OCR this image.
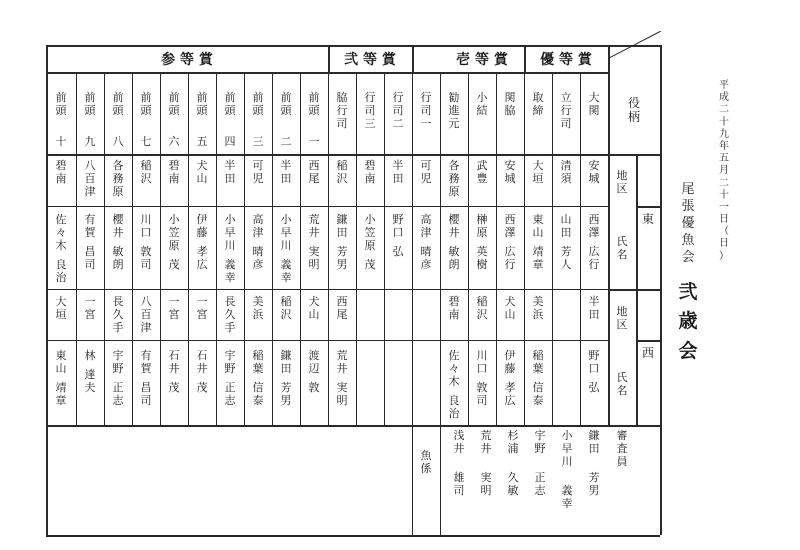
優 等 賞
壱 等 賞
弐 等 賞
参 等 賞
大
関
安
城
西
澤

広
行
半
田
野
口

弘
立
行
司
清
須
山
田

芳
人
取
締
大
垣
東
山

靖
章
美
浜
稲
葉

信
泰
関
脇
安
城
西
澤

広
行
犬
山
伊
藤

孝
広
小
結
武
豊
榊
原

英
樹
稲
沢
川
口

敦
司
勧
進
元
各
務
原
櫻
井

敏
朗
碧
南
佐
々
木

良
治
行
司
一
可
児
高
津

晴
彦
行
司
二
半
田
野
口

弘
行
司
三
碧
南
小
笠
原

茂
脇
行
司
稲
沢
鎌
田

芳
男
西
尾
荒
井

実
明
前
頭

一
西
尾
荒
井

実
明
犬
山
渡
辺

敦
前
頭

二
半
田
小
早
川

義
幸
稲
沢
鎌
田

芳
男
前
頭

三
可
児
高
津

晴
彦
美
浜
稲
葉

信
泰
前
頭

四
半
田
小
早
川

義
幸
長
久
手
宇
野

正
志
前
頭

五
犬
山
伊
藤

孝
広
一
宮
石
井

茂
前
頭

六
碧
南
小
笠
原

茂
一
宮
石
井

茂
前
頭

七
稲
沢
川
口

敦
司
八
百
津
有
賀

昌
司
前
頭

八
各
務
原
櫻
井

敏
朗
長
久
手
宇
野

正
志
前
頭

九
八
百
津
有
賀

昌
司
一
宮
林

達
夫
前
頭

十
碧
南
佐
々
木

良
治
大
垣
東
山

靖
章
役
柄
地
区
氏
名
地
区
氏
名
東
西
魚
係
審
査
員
鎌
田

芳
男
小
早
川

義
幸
宇
野

正
志
杉
浦

久
敏
荒
井

実
明
浅
井

雄
司
平
成
二
十
九
年
五
月
二
十
一
日
（
日
）
尾
張
優
魚
会
弐
歳
会
